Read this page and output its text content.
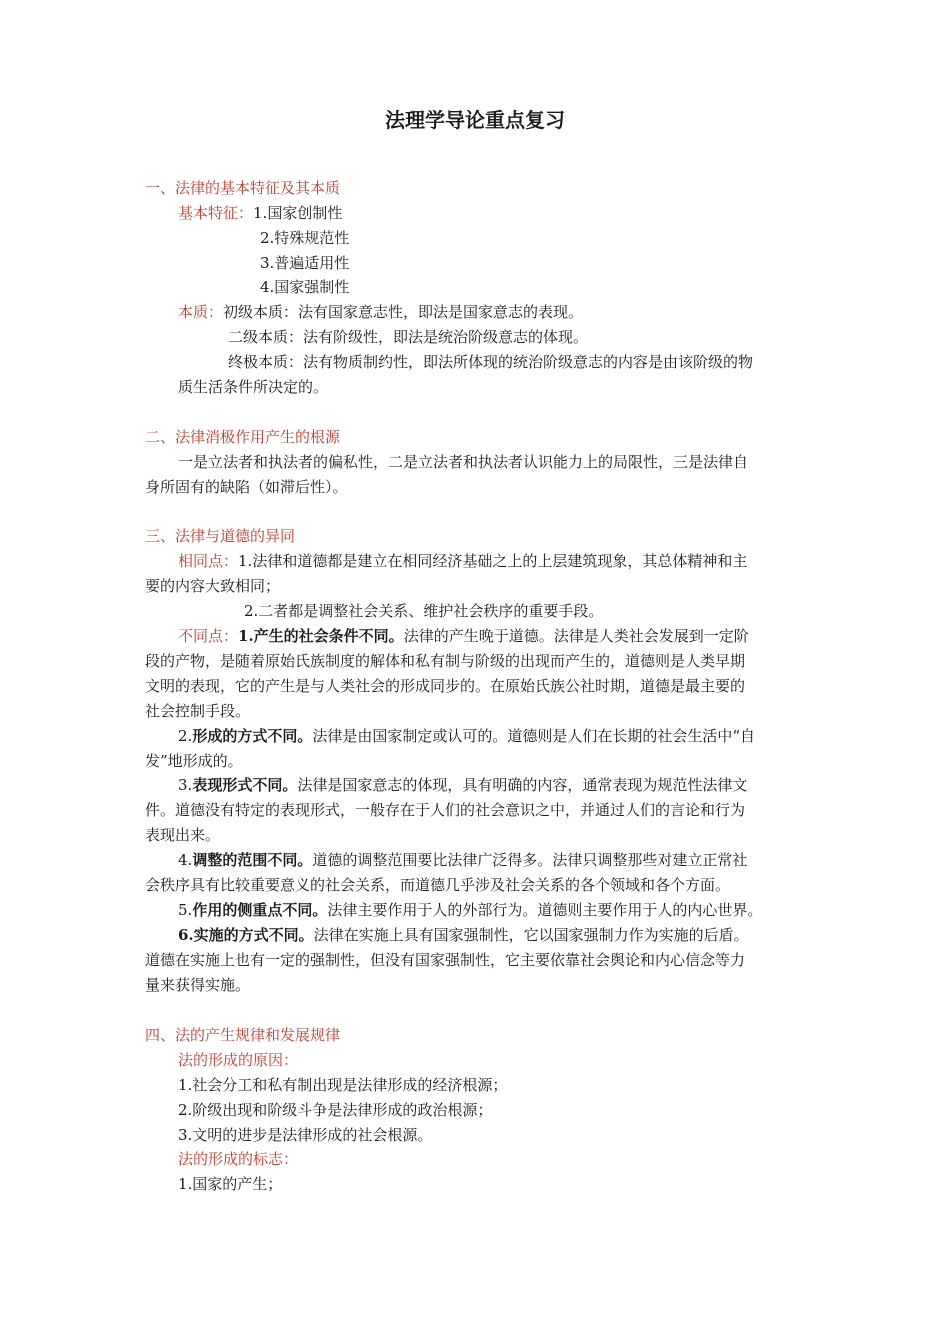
法理学导论重点复习
一、法律的基本特征及其本质
基本特征：1.国家创制性
2.特殊规范性
3.普遍适用性
4.国家强制性
本质：初级本质：法有国家意志性，即法是国家意志的表现。
二级本质：法有阶级性，即法是统治阶级意志的体现。
终极本质：法有物质制约性，即法所体现的统治阶级意志的内容是由该阶级的物
质生活条件所决定的。
二、法律消极作用产生的根源
一是立法者和执法者的偏私性，二是立法者和执法者认识能力上的局限性，三是法律自
身所固有的缺陷（如滞后性）。
三、法律与道德的异同
相同点：1.法律和道德都是建立在相同经济基础之上的上层建筑现象，其总体精神和主
要的内容大致相同；
2.二者都是调整社会关系、维护社会秩序的重要手段。
不同点：1.产生的社会条件不同。法律的产生晚于道德。法律是人类社会发展到一定阶
段的产物，是随着原始氏族制度的解体和私有制与阶级的出现而产生的，道德则是人类早期
文明的表现，它的产生是与人类社会的形成同步的。在原始氏族公社时期，道德是最主要的
社会控制手段。
2.形成的方式不同。法律是由国家制定或认可的。道德则是人们在长期的社会生活中“自
发”地形成的。
3.表现形式不同。法律是国家意志的体现，具有明确的内容，通常表现为规范性法律文
件。道德没有特定的表现形式，一般存在于人们的社会意识之中，并通过人们的言论和行为
表现出来。
4.调整的范围不同。道德的调整范围要比法律广泛得多。法律只调整那些对建立正常社
会秩序具有比较重要意义的社会关系，而道德几乎涉及社会关系的各个领域和各个方面。
5.作用的侧重点不同。法律主要作用于人的外部行为。道德则主要作用于人的内心世界。
6.实施的方式不同。法律在实施上具有国家强制性，它以国家强制力作为实施的后盾。
道德在实施上也有一定的强制性，但没有国家强制性，它主要依靠社会舆论和内心信念等力
量来获得实施。
四、法的产生规律和发展规律
法的形成的原因：
1.社会分工和私有制出现是法律形成的经济根源；
2.阶级出现和阶级斗争是法律形成的政治根源；
3.文明的进步是法律形成的社会根源。
法的形成的标志：
1.国家的产生；
